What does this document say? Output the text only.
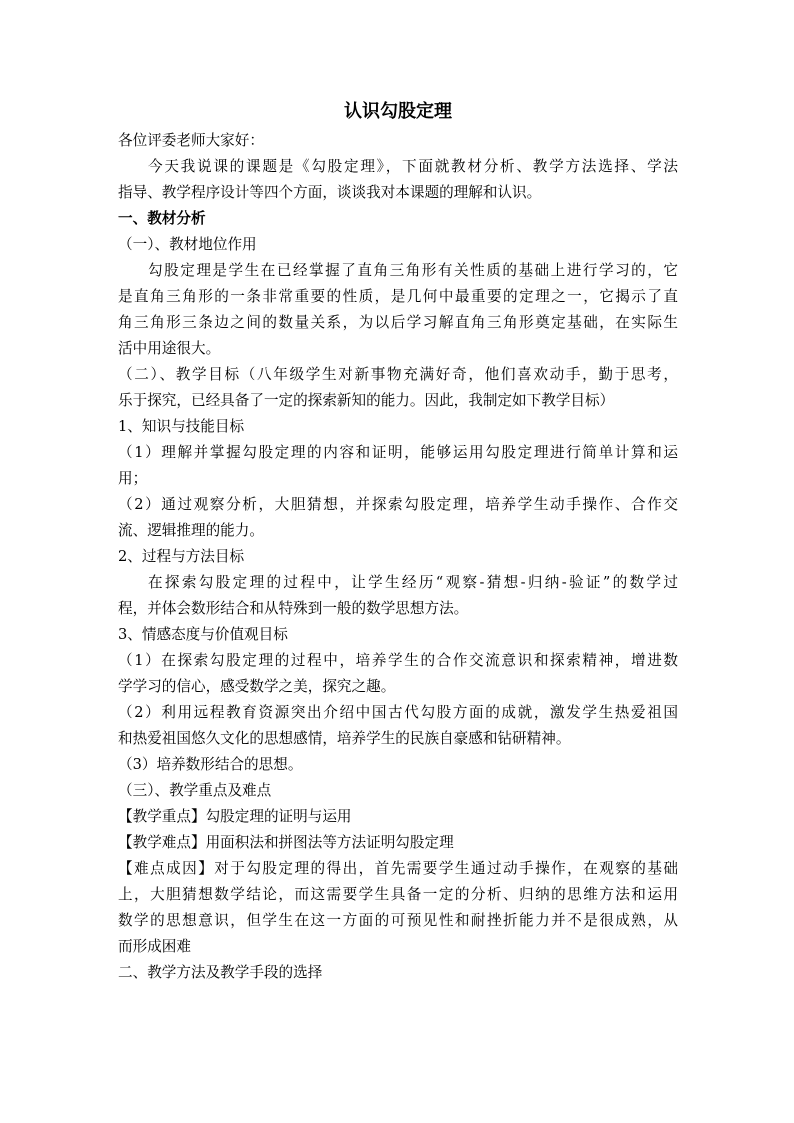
认识勾股定理

各位评委老师大家好：

今天我说课的课题是《勾股定理》，下面就教材分析、教学方法选择、学法

指导、教学程序设计等四个方面，谈谈我对本课题的理解和认识。

一、教材分析

（一）、教材地位作用

勾股定理是学生在已经掌握了直角三角形有关性质的基础上进行学习的，它

是直角三角形的一条非常重要的性质，是几何中最重要的定理之一，它揭示了直

角三角形三条边之间的数量关系，为以后学习解直角三角形奠定基础，在实际生

活中用途很大。

（二）、教学目标（八年级学生对新事物充满好奇，他们喜欢动手，勤于思考，

乐于探究，已经具备了一定的探索新知的能力。因此，我制定如下教学目标）

1、知识与技能目标

（1）理解并掌握勾股定理的内容和证明，能够运用勾股定理进行简单计算和运

用；

（2）通过观察分析，大胆猜想，并探索勾股定理，培养学生动手操作、合作交

流、逻辑推理的能力。

2、过程与方法目标

在探索勾股定理的过程中，让学生经历“观察-猜想-归纳-验证”的数学过

程，并体会数形结合和从特殊到一般的数学思想方法。

3、情感态度与价值观目标

（1）在探索勾股定理的过程中，培养学生的合作交流意识和探索精神，增进数

学学习的信心，感受数学之美，探究之趣。

（2）利用远程教育资源突出介绍中国古代勾股方面的成就，激发学生热爱祖国

和热爱祖国悠久文化的思想感情，培养学生的民族自豪感和钻研精神。

（3）培养数形结合的思想。

（三）、教学重点及难点

【教学重点】勾股定理的证明与运用

【教学难点】用面积法和拼图法等方法证明勾股定理

【难点成因】对于勾股定理的得出，首先需要学生通过动手操作，在观察的基础

上，大胆猜想数学结论，而这需要学生具备一定的分析、归纳的思维方法和运用

数学的思想意识，但学生在这一方面的可预见性和耐挫折能力并不是很成熟，从

而形成困难

二、教学方法及教学手段的选择
